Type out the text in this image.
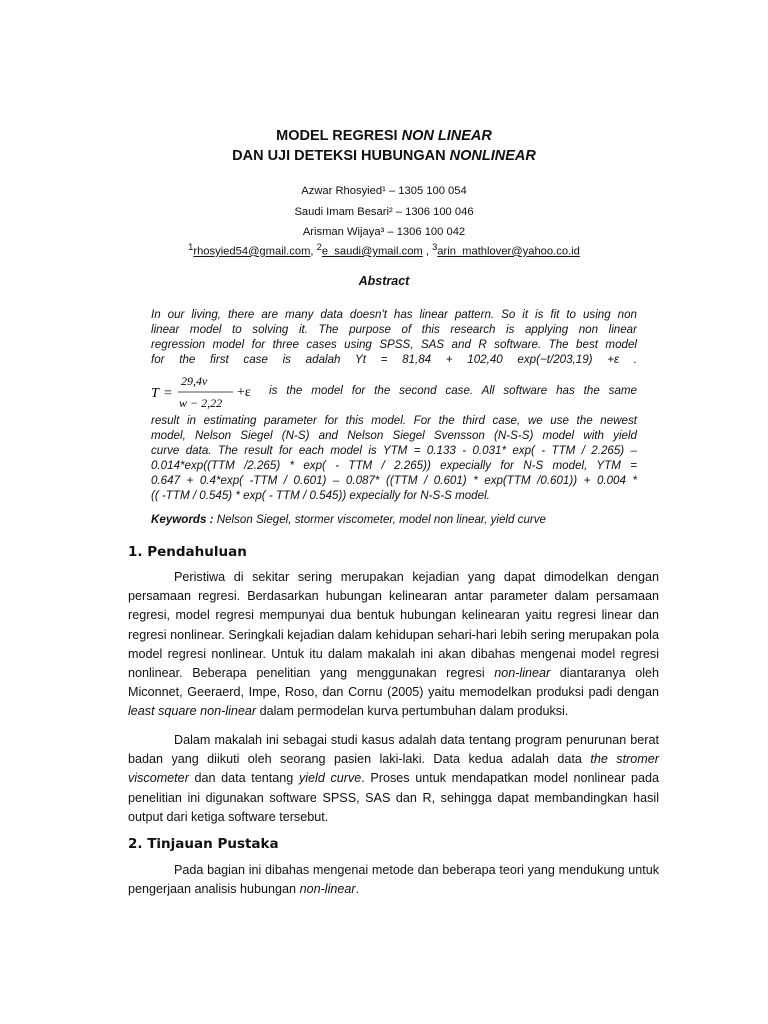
MODEL REGRESI NON LINEAR
DAN UJI DETEKSI HUBUNGAN NONLINEAR
Azwar Rhosyied¹ – 1305 100 054
Saudi Imam Besari² – 1306 100 046
Arisman Wijaya³ – 1306 100 042
$^1$rhosyied54@gmail.com, $^2$e_saudi@ymail.com , $^3$arin_mathlover@yahoo.co.id
Abstract
In our living, there are many data doesn't has linear pattern. So it is fit to using non
linear model to solving it. The purpose of this research is applying non linear
regression model for three cases using SPSS, SAS and R software. The best model
for the first case is adalah Yt = 81,84 + 102,40 exp(−t/203,19) +ε .
T =
29,4v
w − 2,22
+ε is the model for the second case. All software has the same
result in estimating parameter for this model. For the third case, we use the newest
model, Nelson Siegel (N-S) and Nelson Siegel Svensson (N-S-S) model with yield
curve data. The result for each model is YTM = 0.133 - 0.031* exp( - TTM / 2.265) –
0.014*exp((TTM /2.265) * exp( - TTM / 2.265)) expecially for N-S model, YTM =
0.647 + 0.4*exp( -TTM / 0.601) – 0.087* ((TTM / 0.601) * exp(TTM /0.601)) + 0.004 *
(( -TTM / 0.545) * exp( - TTM / 0.545)) expecially for N-S-S model.
Keywords : Nelson Siegel, stormer viscometer, model non linear, yield curve
1. Pendahuluan
Peristiwa di sekitar sering merupakan kejadian yang dapat dimodelkan dengan persamaan regresi. Berdasarkan hubungan kelinearan antar parameter dalam persamaan regresi, model regresi mempunyai dua bentuk hubungan kelinearan yaitu regresi linear dan regresi nonlinear. Seringkali kejadian dalam kehidupan sehari-hari lebih sering merupakan pola model regresi nonlinear. Untuk itu dalam makalah ini akan dibahas mengenai model regresi nonlinear. Beberapa penelitian yang menggunakan regresi non-linear diantaranya oleh Miconnet, Geeraerd, Impe, Roso, dan Cornu (2005) yaitu memodelkan produksi padi dengan least square non-linear dalam permodelan kurva pertumbuhan dalam produksi.
Dalam makalah ini sebagai studi kasus adalah data tentang program penurunan berat badan yang diikuti oleh seorang pasien laki-laki. Data kedua adalah data the stromer viscometer dan data tentang yield curve. Proses untuk mendapatkan model nonlinear pada penelitian ini digunakan software SPSS, SAS dan R, sehingga dapat membandingkan hasil output dari ketiga software tersebut.
2. Tinjauan Pustaka
Pada bagian ini dibahas mengenai metode dan beberapa teori yang mendukung untuk pengerjaan analisis hubungan non-linear.
